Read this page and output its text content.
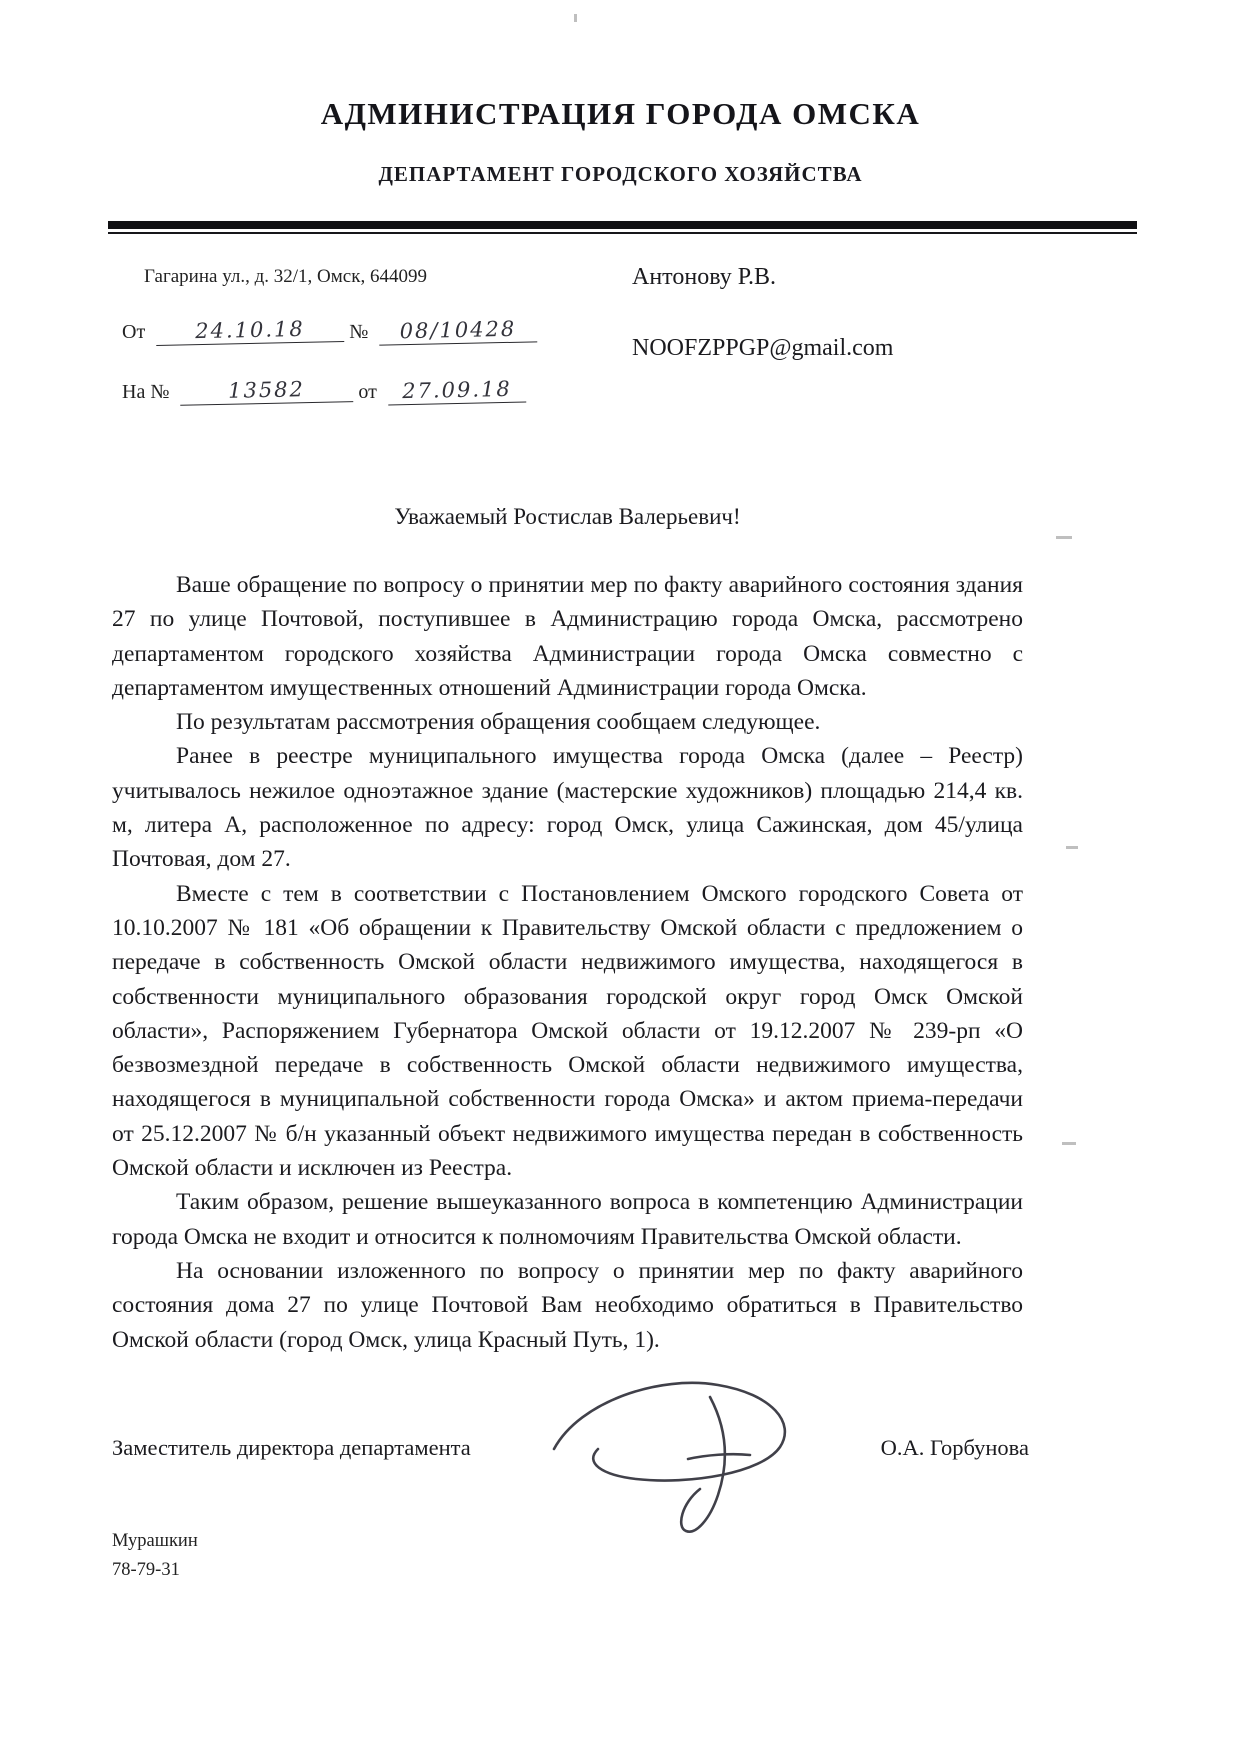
АДМИНИСТРАЦИЯ ГОРОДА ОМСКА
ДЕПАРТАМЕНТ ГОРОДСКОГО ХОЗЯЙСТВА
Гагарина ул., д. 32/1, Омск, 644099
От 24.10.18 № 08/10428
На №	13582	от 27.09.18
Антонову Р.В.
NOOFZPPGP@gmail.com
Уважаемый Ростислав Валерьевич!

Ваше обращение по вопросу о принятии мер по факту аварийного состояния здания 27 по улице Почтовой, поступившее в Администрацию города Омска, рассмотрено департаментом городского хозяйства Администрации города Омска совместно с департаментом имущественных отношений Администрации города Омска.

По результатам рассмотрения обращения сообщаем следующее.

Ранее в реестре муниципального имущества города Омска (далее – Реестр) учитывалось нежилое одноэтажное здание (мастерские художников) площадью 214,4 кв. м, литера А, расположенное по адресу: город Омск, улица Сажинская, дом 45/улица Почтовая, дом 27.

Вместе с тем в соответствии с Постановлением Омского городского Совета от 10.10.2007 № 181 «Об обращении к Правительству Омской области с предложением о передаче в собственность Омской области недвижимого имущества, находящегося в собственности муниципального образования городской округ город Омск Омской области», Распоряжением Губернатора Омской области от 19.12.2007 № 239-рп «О безвозмездной передаче в собственность Омской области недвижимого имущества, находящегося в муниципальной собственности города Омска» и актом приема-передачи от 25.12.2007 № б/н указанный объект недвижимого имущества передан в собственность Омской области и исключен из Реестра.

Таким образом, решение вышеуказанного вопроса в компетенцию Администрации города Омска не входит и относится к полномочиям Правительства Омской области.

На основании изложенного по вопросу о принятии мер по факту аварийного состояния дома 27 по улице Почтовой Вам необходимо обратиться в Правительство Омской области (город Омск, улица Красный Путь, 1).

Заместитель директора департамента	О.А. Горбунова
Мурашкин
78-79-31
